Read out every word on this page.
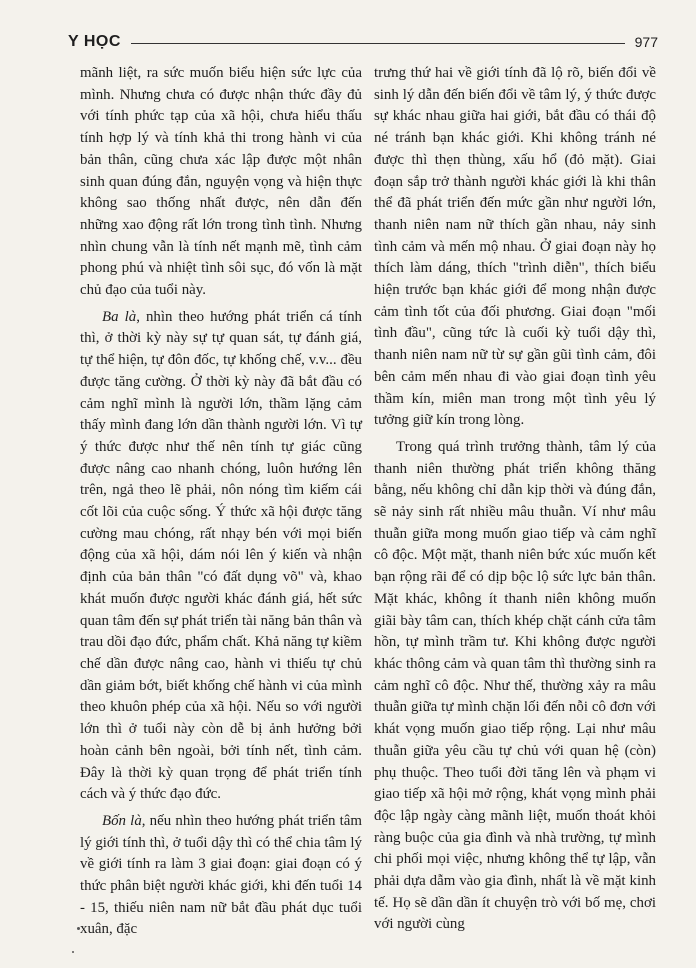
Y HỌC	977

mãnh liệt, ra sức muốn biểu hiện sức lực của mình. Nhưng chưa có được nhận thức đầy đủ với tính phức tạp của xã hội, chưa hiểu thấu tính hợp lý và tính khả thi trong hành vi của bản thân, cũng chưa xác lập được một nhân sinh quan đúng đắn, nguyện vọng và hiện thực không sao thống nhất được, nên dẫn đến những xao động rất lớn trong tình tình. Nhưng nhìn chung vẫn là tính nết mạnh mẽ, tình cảm phong phú và nhiệt tình sôi sục, đó vốn là mặt chủ đạo của tuổi này.

Ba là, nhìn theo hướng phát triển cá tính thì, ở thời kỳ này sự tự quan sát, tự đánh giá, tự thể hiện, tự đôn đốc, tự khống chế, v.v... đều được tăng cường. Ở thời kỳ này đã bắt đầu có cảm nghĩ mình là người lớn, thầm lặng cảm thấy mình đang lớn dần thành người lớn. Vì tự ý thức được như thế nên tính tự giác cũng được nâng cao nhanh chóng, luôn hướng lên trên, ngả theo lẽ phải, nôn nóng tìm kiếm cái cốt lõi của cuộc sống. Ý thức xã hội được tăng cường mau chóng, rất nhạy bén với mọi biến động của xã hội, dám nói lên ý kiến và nhận định của bản thân "có đất dụng võ" và, khao khát muốn được người khác đánh giá, hết sức quan tâm đến sự phát triển tài năng bản thân và trau dồi đạo đức, phẩm chất. Khả năng tự kiềm chế dần được nâng cao, hành vi thiếu tự chủ dần giảm bớt, biết khống chế hành vi của mình theo khuôn phép của xã hội. Nếu so với người lớn thì ở tuổi này còn dễ bị ảnh hưởng bởi hoàn cảnh bên ngoài, bởi tính nết, tình cảm. Đây là thời kỳ quan trọng để phát triển tính cách và ý thức đạo đức.

Bốn là, nếu nhìn theo hướng phát triển tâm lý giới tính thì, ở tuổi dậy thì có thể chia tâm lý về giới tính ra làm 3 giai đoạn: giai đoạn có ý thức phân biệt người khác giới, khi đến tuổi 14 - 15, thiếu niên nam nữ bắt đầu phát dục tuổi xuân, đặc

trưng thứ hai về giới tính đã lộ rõ, biến đổi về sinh lý dẫn đến biến đổi về tâm lý, ý thức được sự khác nhau giữa hai giới, bắt đầu có thái độ né tránh bạn khác giới. Khi không tránh né được thì thẹn thùng, xấu hổ (đỏ mặt). Giai đoạn sắp trở thành người khác giới là khi thân thể đã phát triển đến mức gần như người lớn, thanh niên nam nữ thích gần nhau, nảy sinh tình cảm và mến mộ nhau. Ở giai đoạn này họ thích làm dáng, thích "trình diễn", thích biểu hiện trước bạn khác giới để mong nhận được cảm tình tốt của đối phương. Giai đoạn "mối tình đầu", cũng tức là cuối kỳ tuổi dậy thì, thanh niên nam nữ từ sự gần gũi tình cảm, đôi bên cảm mến nhau đi vào giai đoạn tình yêu thầm kín, miên man trong một tình yêu lý tưởng giữ kín trong lòng.

Trong quá trình trưởng thành, tâm lý của thanh niên thường phát triển không thăng bằng, nếu không chỉ dẫn kịp thời và đúng đắn, sẽ nảy sinh rất nhiều mâu thuẫn. Ví như mâu thuẫn giữa mong muốn giao tiếp và cảm nghĩ cô độc. Một mặt, thanh niên bức xúc muốn kết bạn rộng rãi để có dịp bộc lộ sức lực bản thân. Mặt khác, không ít thanh niên không muốn giãi bày tâm can, thích khép chặt cánh cửa tâm hồn, tự mình trầm tư. Khi không được người khác thông cảm và quan tâm thì thường sinh ra cảm nghĩ cô độc. Như thế, thường xảy ra mâu thuẫn giữa tự mình chặn lối đến nỗi cô đơn với khát vọng muốn giao tiếp rộng. Lại như mâu thuẫn giữa yêu cầu tự chủ với quan hệ (còn) phụ thuộc. Theo tuổi đời tăng lên và phạm vi giao tiếp xã hội mở rộng, khát vọng mình phải độc lập ngày càng mãnh liệt, muốn thoát khỏi ràng buộc của gia đình và nhà trường, tự mình chi phối mọi việc, nhưng không thể tự lập, vẫn phải dựa dẫm vào gia đình, nhất là về mặt kinh tế. Họ sẽ dần dần ít chuyện trò với bố mẹ, chơi với người cùng
